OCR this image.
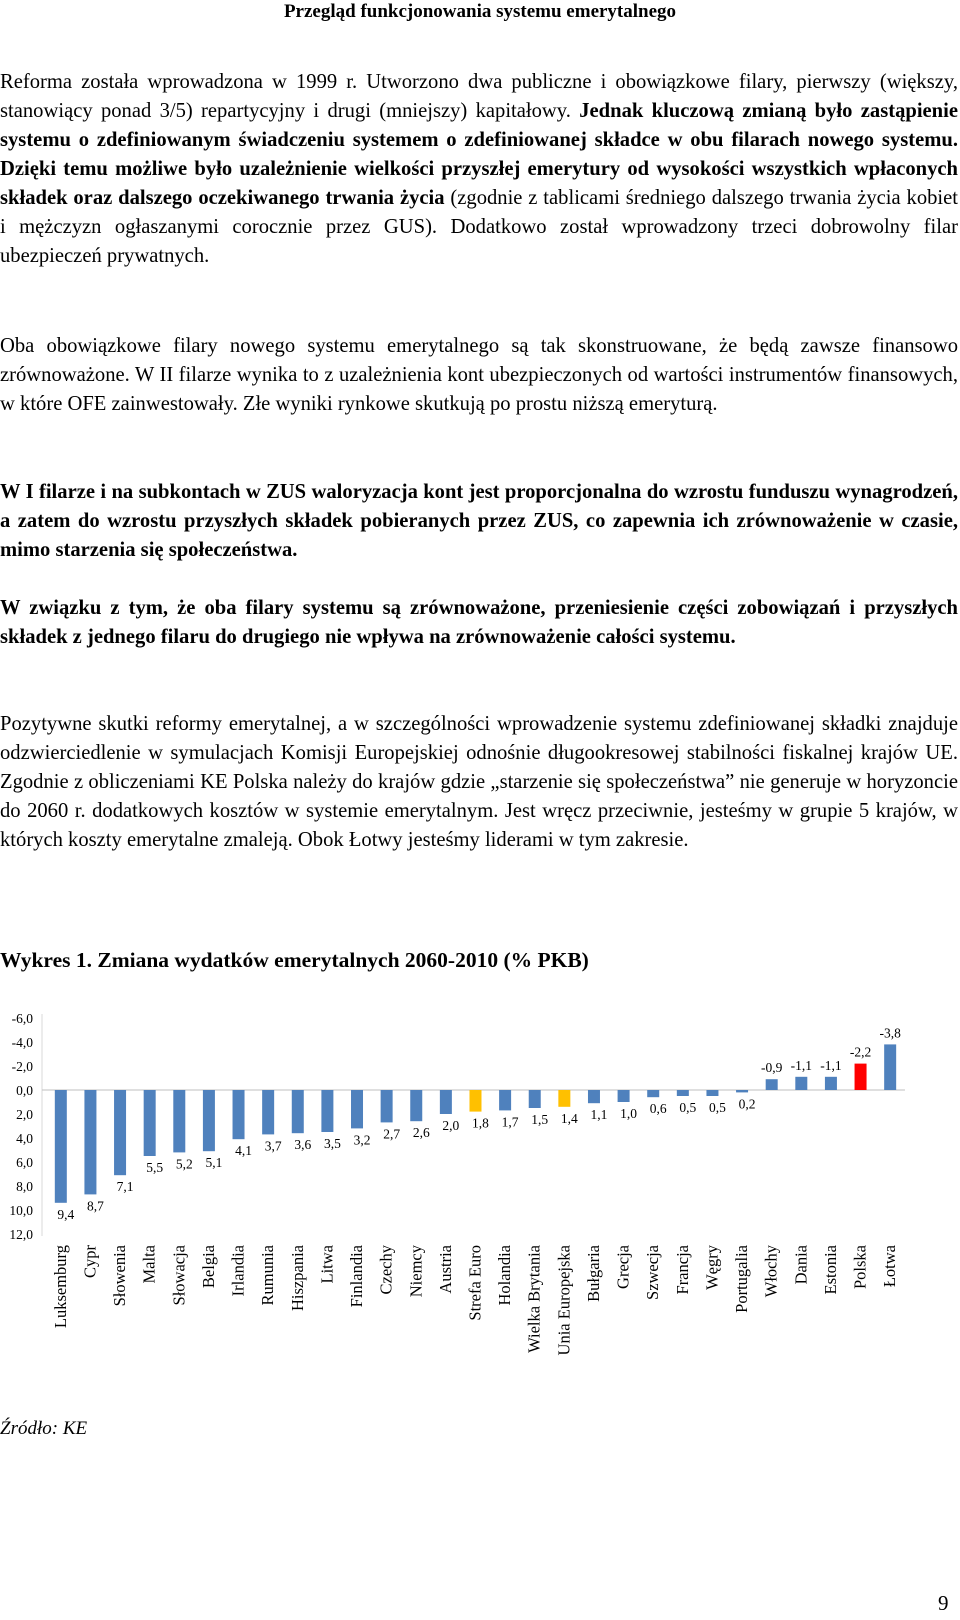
Przegląd funkcjonowania systemu emerytalnego

Reforma została wprowadzona w 1999 r. Utworzono dwa publiczne i obowiązkowe filary, pierwszy (większy, stanowiący ponad 3/5) repartycyjny i drugi (mniejszy) kapitałowy. Jednak kluczową zmianą było zastąpienie systemu o zdefiniowanym świadczeniu systemem o zdefiniowanej składce w obu filarach nowego systemu. Dzięki temu możliwe było uzależnienie wielkości przyszłej emerytury od wysokości wszystkich wpłaconych składek oraz dalszego oczekiwanego trwania życia (zgodnie z tablicami średniego dalszego trwania życia kobiet i mężczyzn ogłaszanymi corocznie przez GUS). Dodatkowo został wprowadzony trzeci dobrowolny filar ubezpieczeń prywatnych.

Oba obowiązkowe filary nowego systemu emerytalnego są tak skonstruowane, że będą zawsze finansowo zrównoważone. W II filarze wynika to z uzależnienia kont ubezpieczonych od wartości instrumentów finansowych, w które OFE zainwestowały. Złe wyniki rynkowe skutkują po prostu niższą emeryturą.

W I filarze i na subkontach w ZUS waloryzacja kont jest proporcjonalna do wzrostu funduszu wynagrodzeń, a zatem do wzrostu przyszłych składek pobieranych przez ZUS, co zapewnia ich zrównoważenie w czasie, mimo starzenia się społeczeństwa.

W związku z tym, że oba filary systemu są zrównoważone, przeniesienie części zobowiązań i przyszłych składek z jednego filaru do drugiego nie wpływa na zrównoważenie całości systemu.

Pozytywne skutki reformy emerytalnej, a w szczególności wprowadzenie systemu zdefiniowanej składki znajduje odzwierciedlenie w symulacjach Komisji Europejskiej odnośnie długookresowej stabilności fiskalnej krajów UE. Zgodnie z obliczeniami KE Polska należy do krajów gdzie „starzenie się społeczeństwa” nie generuje w horyzoncie do 2060 r. dodatkowych kosztów w systemie emerytalnym. Jest wręcz przeciwnie, jesteśmy w grupie 5 krajów, w których koszty emerytalne zmaleją. Obok Łotwy jesteśmy liderami w tym zakresie.

Wykres 1. Zmiana wydatków emerytalnych 2060-2010 (% PKB)
-6,0
-4,0
-2,0
0,0
2,0
4,0
6,0
8,0
10,0
12,0
9,4
Luksemburg
8,7
Cypr
7,1
Słowenia
5,5
Malta
5,2
Słowacja
5,1
Belgia
4,1
Irlandia
3,7
Rumunia
3,6
Hiszpania
3,5
Litwa
3,2
Finlandia
2,7
Czechy
2,6
Niemcy
2,0
Austria
1,8
Strefa Euro
1,7
Holandia
1,5
Wielka Brytania
1,4
Unia Europejska
1,1
Bułgaria
1,0
Grecja
0,6
Szwecja
0,5
Francja
0,5
Węgry
0,2
Portugalia
-0,9
Włochy
-1,1
Dania
-1,1
Estonia
-2,2
Polska
-3,8
Łotwa
Źródło: KE
9
